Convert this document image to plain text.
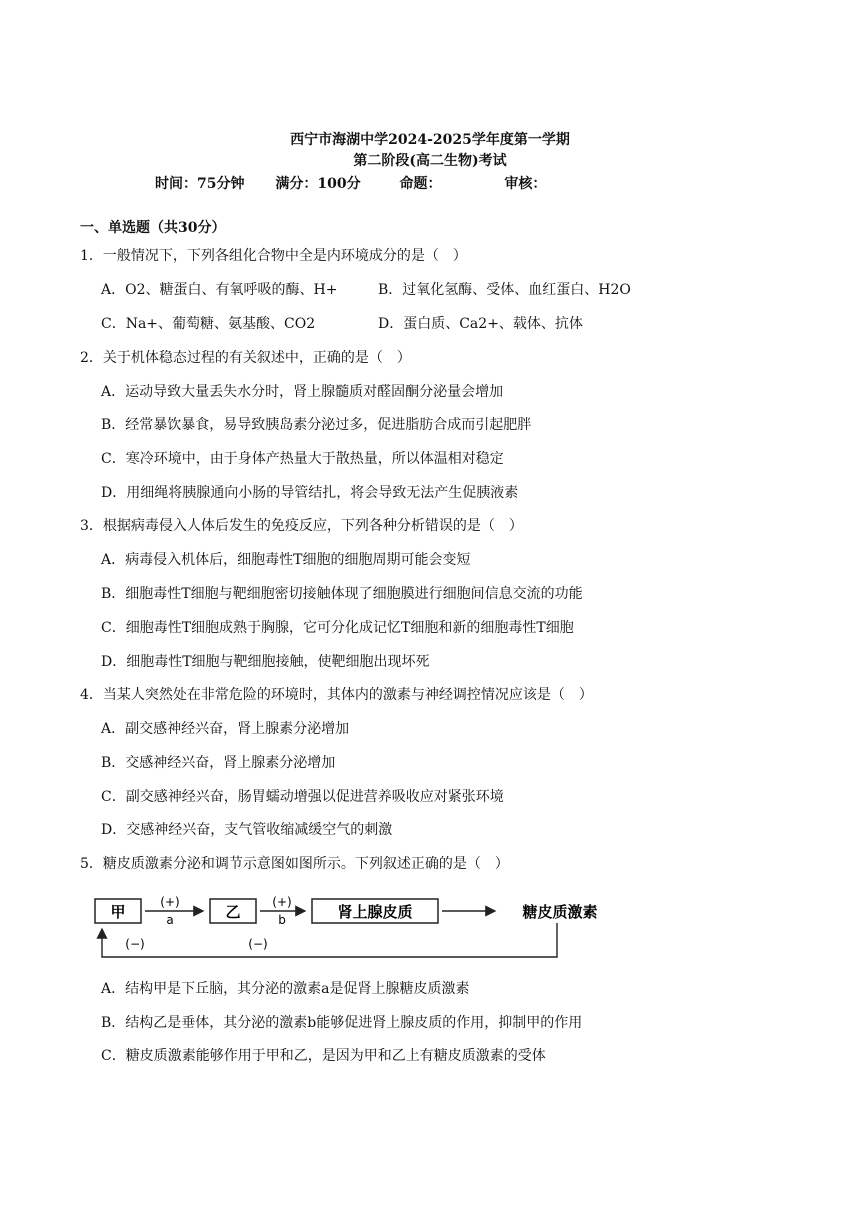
西宁市海湖中学2024-2025学年度第一学期
第二阶段(高二生物)考试
时间：75分钟 满分：100分	命题：	审核：
一、单选题（共30分）
1．一般情况下，下列各组化合物中全是内环境成分的是（　）
A．O2、糖蛋白、有氧呼吸的酶、H+	B．过氧化氢酶、受体、血红蛋白、H2O
C．Na+、葡萄糖、氨基酸、CO2	D．蛋白质、Ca2+、载体、抗体
2．关于机体稳态过程的有关叙述中，正确的是（　）
A．运动导致大量丢失水分时，肾上腺髓质对醛固酮分泌量会增加
B．经常暴饮暴食，易导致胰岛素分泌过多，促进脂肪合成而引起肥胖
C．寒冷环境中，由于身体产热量大于散热量，所以体温相对稳定
D．用细绳将胰腺通向小肠的导管结扎，将会导致无法产生促胰液素
3．根据病毒侵入人体后发生的免疫反应，下列各种分析错误的是（　）
A．病毒侵入机体后，细胞毒性T细胞的细胞周期可能会变短
B．细胞毒性T细胞与靶细胞密切接触体现了细胞膜进行细胞间信息交流的功能
C．细胞毒性T细胞成熟于胸腺，它可分化成记忆T细胞和新的细胞毒性T细胞
D．细胞毒性T细胞与靶细胞接触，使靶细胞出现坏死
4．当某人突然处在非常危险的环境时，其体内的激素与神经调控情况应该是（　）
A．副交感神经兴奋，肾上腺素分泌增加
B．交感神经兴奋，肾上腺素分泌增加
C．副交感神经兴奋，肠胃蠕动增强以促进营养吸收应对紧张环境
D．交感神经兴奋，支气管收缩减缓空气的刺激
5．糖皮质激素分泌和调节示意图如图所示。下列叙述正确的是（　）
甲
(+)
a	乙
(+)
b	肾上腺皮质	糖皮质激素
(−)	(−)
A．结构甲是下丘脑，其分泌的激素a是促肾上腺糖皮质激素
B．结构乙是垂体，其分泌的激素b能够促进肾上腺皮质的作用，抑制甲的作用
C．糖皮质激素能够作用于甲和乙，是因为甲和乙上有糖皮质激素的受体
